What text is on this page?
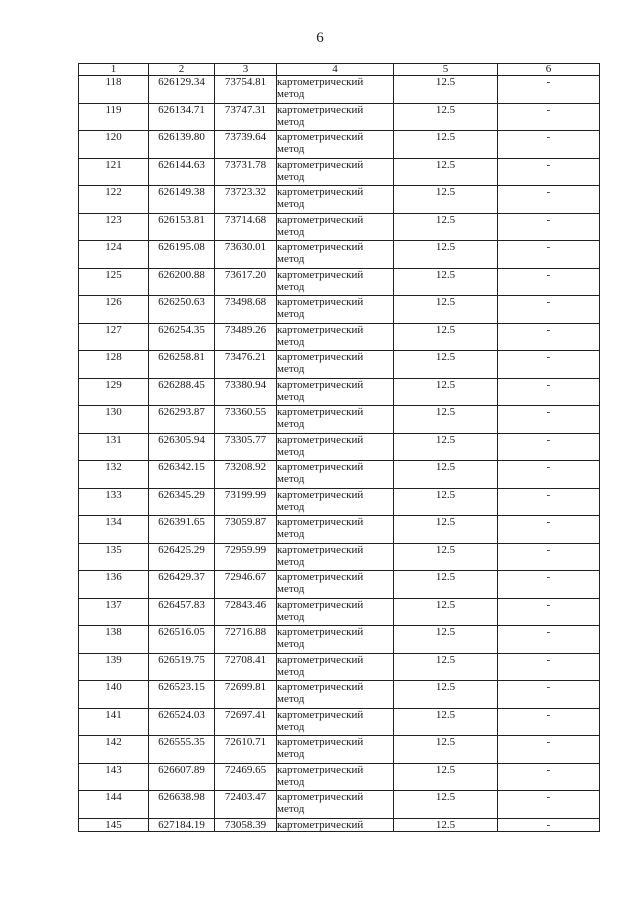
6
1	2	3	4	5	6
118	626129.34	73754.81	картометрический метод	12.5	-
119	626134.71	73747.31	картометрический метод	12.5	-
120	626139.80	73739.64	картометрический метод	12.5	-
121	626144.63	73731.78	картометрический метод	12.5	-
122	626149.38	73723.32	картометрический метод	12.5	-
123	626153.81	73714.68	картометрический метод	12.5	-
124	626195.08	73630.01	картометрический метод	12.5	-
125	626200.88	73617.20	картометрический метод	12.5	-
126	626250.63	73498.68	картометрический метод	12.5	-
127	626254.35	73489.26	картометрический метод	12.5	-
128	626258.81	73476.21	картометрический метод	12.5	-
129	626288.45	73380.94	картометрический метод	12.5	-
130	626293.87	73360.55	картометрический метод	12.5	-
131	626305.94	73305.77	картометрический метод	12.5	-
132	626342.15	73208.92	картометрический метод	12.5	-
133	626345.29	73199.99	картометрический метод	12.5	-
134	626391.65	73059.87	картометрический метод	12.5	-
135	626425.29	72959.99	картометрический метод	12.5	-
136	626429.37	72946.67	картометрический метод	12.5	-
137	626457.83	72843.46	картометрический метод	12.5	-
138	626516.05	72716.88	картометрический метод	12.5	-
139	626519.75	72708.41	картометрический метод	12.5	-
140	626523.15	72699.81	картометрический метод	12.5	-
141	626524.03	72697.41	картометрический метод	12.5	-
142	626555.35	72610.71	картометрический метод	12.5	-
143	626607.89	72469.65	картометрический метод	12.5	-
144	626638.98	72403.47	картометрический метод	12.5	-
145	627184.19	73058.39	картометрический	12.5	-
